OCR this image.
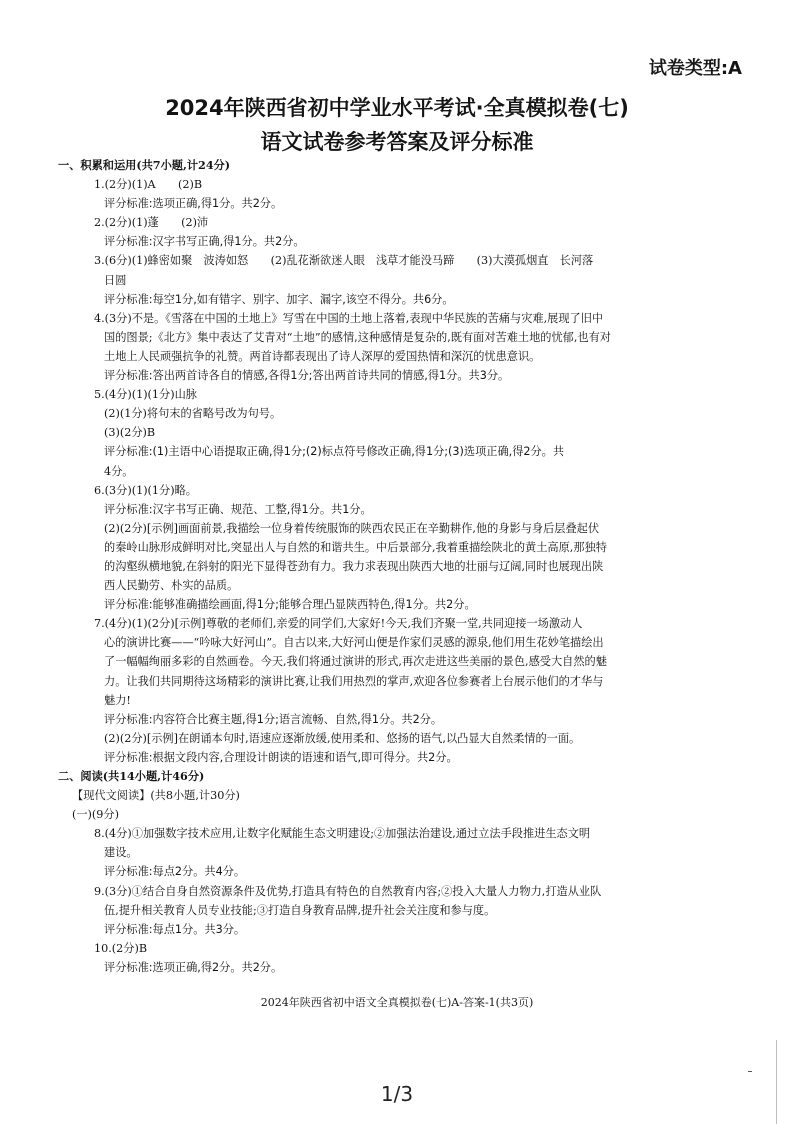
试卷类型:A
2024年陕西省初中学业水平考试·全真模拟卷(七)
语文试卷参考答案及评分标准
一、积累和运用(共7小题,计24分)
1.(2分)(1)A　　(2)B
评分标准:选项正确,得1分。共2分。
2.(2分)(1)蓬　　(2)沛
评分标准:汉字书写正确,得1分。共2分。
3.(6分)(1)蜂密如聚　波涛如怒　　(2)乱花渐欲迷人眼　浅草才能没马蹄　　(3)大漠孤烟直　长河落
日圆
评分标准:每空1分,如有错字、别字、加字、漏字,该空不得分。共6分。
4.(3分)不是。《雪落在中国的土地上》写雪在中国的土地上落着,表现中华民族的苦痛与灾难,展现了旧中
国的图景;《北方》集中表达了艾青对“土地”的感情,这种感情是复杂的,既有面对苦难土地的忧郁,也有对
土地上人民顽强抗争的礼赞。两首诗都表现出了诗人深厚的爱国热情和深沉的忧患意识。
评分标准:答出两首诗各自的情感,各得1分;答出两首诗共同的情感,得1分。共3分。
5.(4分)(1)(1分)山脉
(2)(1分)将句末的省略号改为句号。
(3)(2分)B
评分标准:(1)主语中心语提取正确,得1分;(2)标点符号修改正确,得1分;(3)选项正确,得2分。共
4分。
6.(3分)(1)(1分)略。
评分标准:汉字书写正确、规范、工整,得1分。共1分。
(2)(2分)[示例]画面前景,我描绘一位身着传统服饰的陕西农民正在辛勤耕作,他的身影与身后层叠起伏
的秦岭山脉形成鲜明对比,突显出人与自然的和谐共生。中后景部分,我着重描绘陕北的黄土高原,那独特
的沟壑纵横地貌,在斜射的阳光下显得苍劲有力。我力求表现出陕西大地的壮丽与辽阔,同时也展现出陕
西人民勤劳、朴实的品质。
评分标准:能够准确描绘画面,得1分;能够合理凸显陕西特色,得1分。共2分。
7.(4分)(1)(2分)[示例]尊敬的老师们,亲爱的同学们,大家好!今天,我们齐聚一堂,共同迎接一场激动人
心的演讲比赛——“吟咏大好河山”。自古以来,大好河山便是作家们灵感的源泉,他们用生花妙笔描绘出
了一幅幅绚丽多彩的自然画卷。今天,我们将通过演讲的形式,再次走进这些美丽的景色,感受大自然的魅
力。让我们共同期待这场精彩的演讲比赛,让我们用热烈的掌声,欢迎各位参赛者上台展示他们的才华与
魅力!
评分标准:内容符合比赛主题,得1分;语言流畅、自然,得1分。共2分。
(2)(2分)[示例]在朗诵本句时,语速应逐渐放缓,使用柔和、悠扬的语气,以凸显大自然柔情的一面。
评分标准:根据文段内容,合理设计朗读的语速和语气,即可得分。共2分。
二、阅读(共14小题,计46分)
【现代文阅读】(共8小题,计30分)
(一)(9分)
8.(4分)①加强数字技术应用,让数字化赋能生态文明建设;②加强法治建设,通过立法手段推进生态文明
建设。
评分标准:每点2分。共4分。
9.(3分)①结合自身自然资源条件及优势,打造具有特色的自然教育内容;②投入大量人力物力,打造从业队
伍,提升相关教育人员专业技能;③打造自身教育品牌,提升社会关注度和参与度。
评分标准:每点1分。共3分。
10.(2分)B
评分标准:选项正确,得2分。共2分。
2024年陕西省初中语文全真模拟卷(七)A-答案-1(共3页)
1/3
